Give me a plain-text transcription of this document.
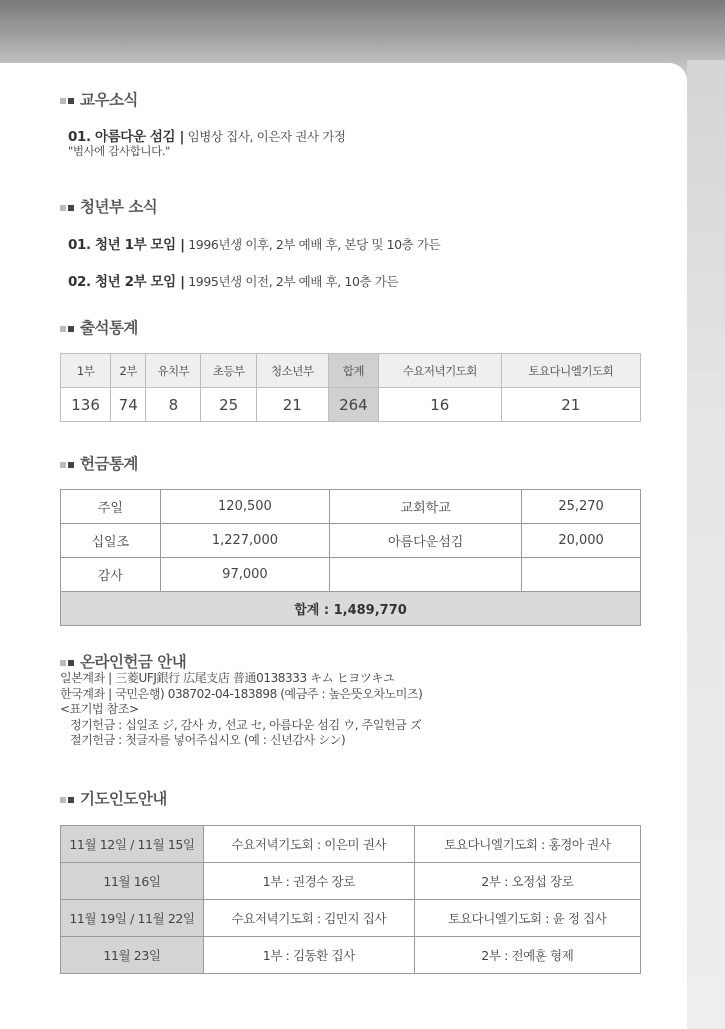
교우소식
01. 아름다운 섬김 | 임병상 집사, 이은자 권사 가정
"범사에 감사합니다."
청년부 소식
01. 청년 1부 모임 | 1996년생 이후, 2부 예배 후, 본당 및 10층 가든
02. 청년 2부 모임 | 1995년생 이전, 2부 예배 후, 10층 가든
출석통계
1부	2부	유치부	초등부	청소년부	합계	수요저녁기도회	토요다니엘기도회
136	74	8	25	21	264	16	21
헌금통계
주일	120,500	교회학교	25,270
십일조	1,227,000	아름다운섬김	20,000
감사	97,000		
합계 : 1,489,770			
온라인헌금 안내
일본계좌 | 三菱UFJ銀行 広尾支店 普通0138333 キム ヒヨツキユ
한국계좌 | 국민은행) 038702-04-183898 (예금주 : 높은뜻오차노미즈)
<표기법 참조>
정기헌금 : 십일조 ジ, 감사 カ, 선교 セ, 아름다운 섬김 ウ, 주일헌금 ズ
절기헌금 : 첫글자를 넣어주십시오 (예 : 신년감사 シン)
기도인도안내
11월 12일 / 11월 15일	수요저녁기도회 : 이은미 권사	토요다니엘기도회 : 홍경아 권사
11월 16일	1부 : 권경수 장로	2부 : 오정섭 장로
11월 19일 / 11월 22일	수요저녁기도회 : 김민지 집사	토요다니엘기도회 : 윤 정 집사
11월 23일	1부 : 김동환 집사	2부 : 전예훈 형제
